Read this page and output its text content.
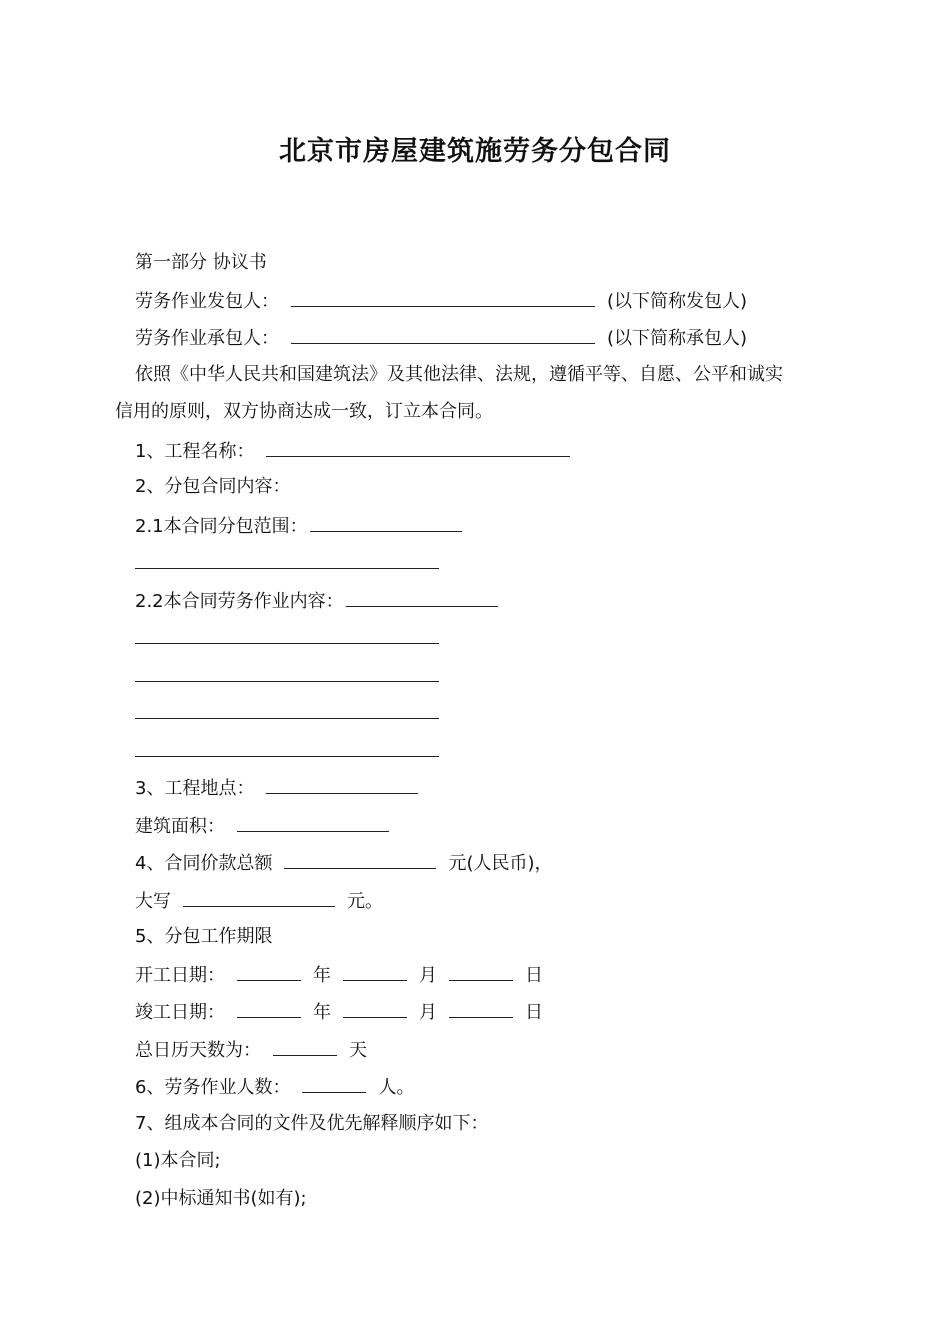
北京市房屋建筑施劳务分包合同
第一部分 协议书
劳务作业发包人：	(以下简称发包人)
劳务作业承包人：	(以下简称承包人)
依照《中华人民共和国建筑法》及其他法律、法规，遵循平等、自愿、公平和诚实
信用的原则，双方协商达成一致，订立本合同。
1、工程名称：
2、分包合同内容：
2.1本合同分包范围：
2.2本合同劳务作业内容：
3、工程地点：
建筑面积：
4、合同价款总额	元(人民币)，
大写	元。
5、分包工作期限
开工日期：	年	月	日
竣工日期：	年	月	日
总日历天数为：	天
6、劳务作业人数：	人。
7、组成本合同的文件及优先解释顺序如下：
(1)本合同;
(2)中标通知书(如有);
